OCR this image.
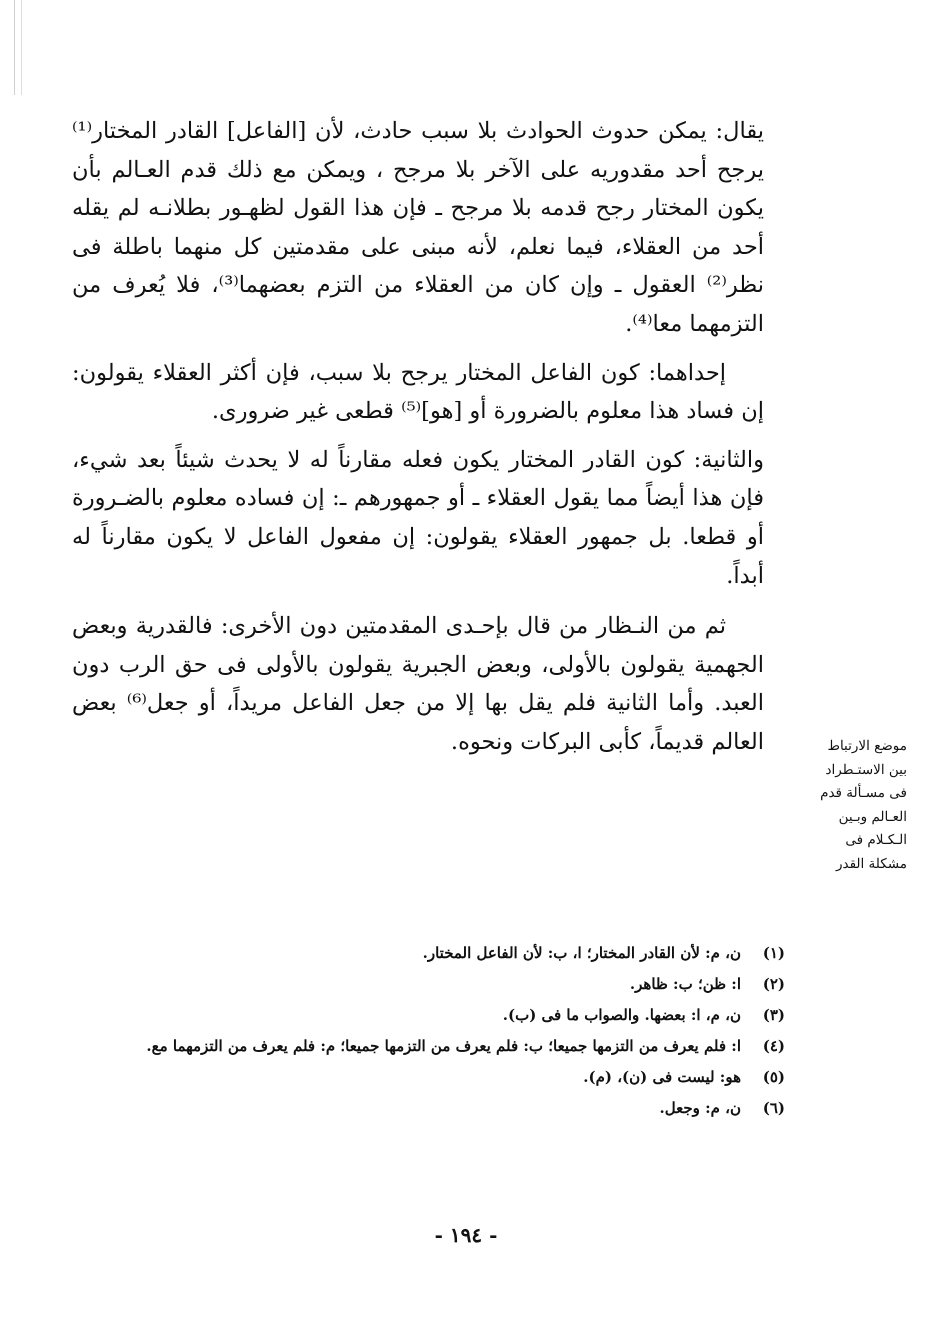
يقال: يمكن حدوث الحوادث بلا سبب حادث، لأن [الفاعل] القادر المختار⁽¹⁾ يرجح أحد مقدوريه على الآخر بلا مرجح ، ويمكن مع ذلك قدم العـالم بأن يكون المختار رجح قدمه بلا مرجح ـ فإن هذا القول لظهـور بطلانـه لم يقله أحد من العقلاء، فيما نعلم، لأنه مبنى على مقدمتين كل منهما باطلة فى نظر⁽²⁾ العقول ـ وإن كان من العقلاء من التزم بعضهما⁽³⁾، فلا يُعرف من التزمهما معا⁽⁴⁾.

إحداهما: كون الفاعل المختار يرجح بلا سبب، فإن أكثر العقلاء يقولون: إن فساد هذا معلوم بالضرورة أو [هو]⁽⁵⁾ قطعى غير ضرورى.

والثانية: كون القادر المختار يكون فعله مقارناً له لا يحدث شيئاً بعد شيء، فإن هذا أيضاً مما يقول العقلاء ـ أو جمهورهم ـ: إن فساده معلوم بالضـرورة أو قطعا. بل جمهور العقلاء يقولون: إن مفعول الفاعل لا يكون مقارناً له أبداً.

ثم من النـظار من قال بإحـدى المقدمتين دون الأخرى: فالقدرية وبعض الجهمية يقولون بالأولى، وبعض الجبرية يقولون بالأولى فى حق الرب دون العبد. وأما الثانية فلم يقل بها إلا من جعل الفاعل مريداً، أو جعل⁽⁶⁾ بعض العالم قديماً، كأبى البركات ونحوه.	موضع الارتباط
بين الاستـطراد
فى مسـألة قدم
العـالم وبـين
الـكـلام فى
مشكلة القدر
(١)
ن، م: لأن القادر المختار؛ ا، ب: لأن الفاعل المختار.
(٢)
ا: ظن؛ ب: ظاهر.
(٣)
ن، م، ا: بعضها. والصواب ما فى (ب).
(٤)
ا: فلم يعرف من التزمها جميعا؛ ب: فلم يعرف من التزمها جميعا؛ م: فلم يعرف من التزمهما مع.
(٥)
هو: ليست فى (ن)، (م).
(٦)
ن، م: وجعل.
- ١٩٤ -
